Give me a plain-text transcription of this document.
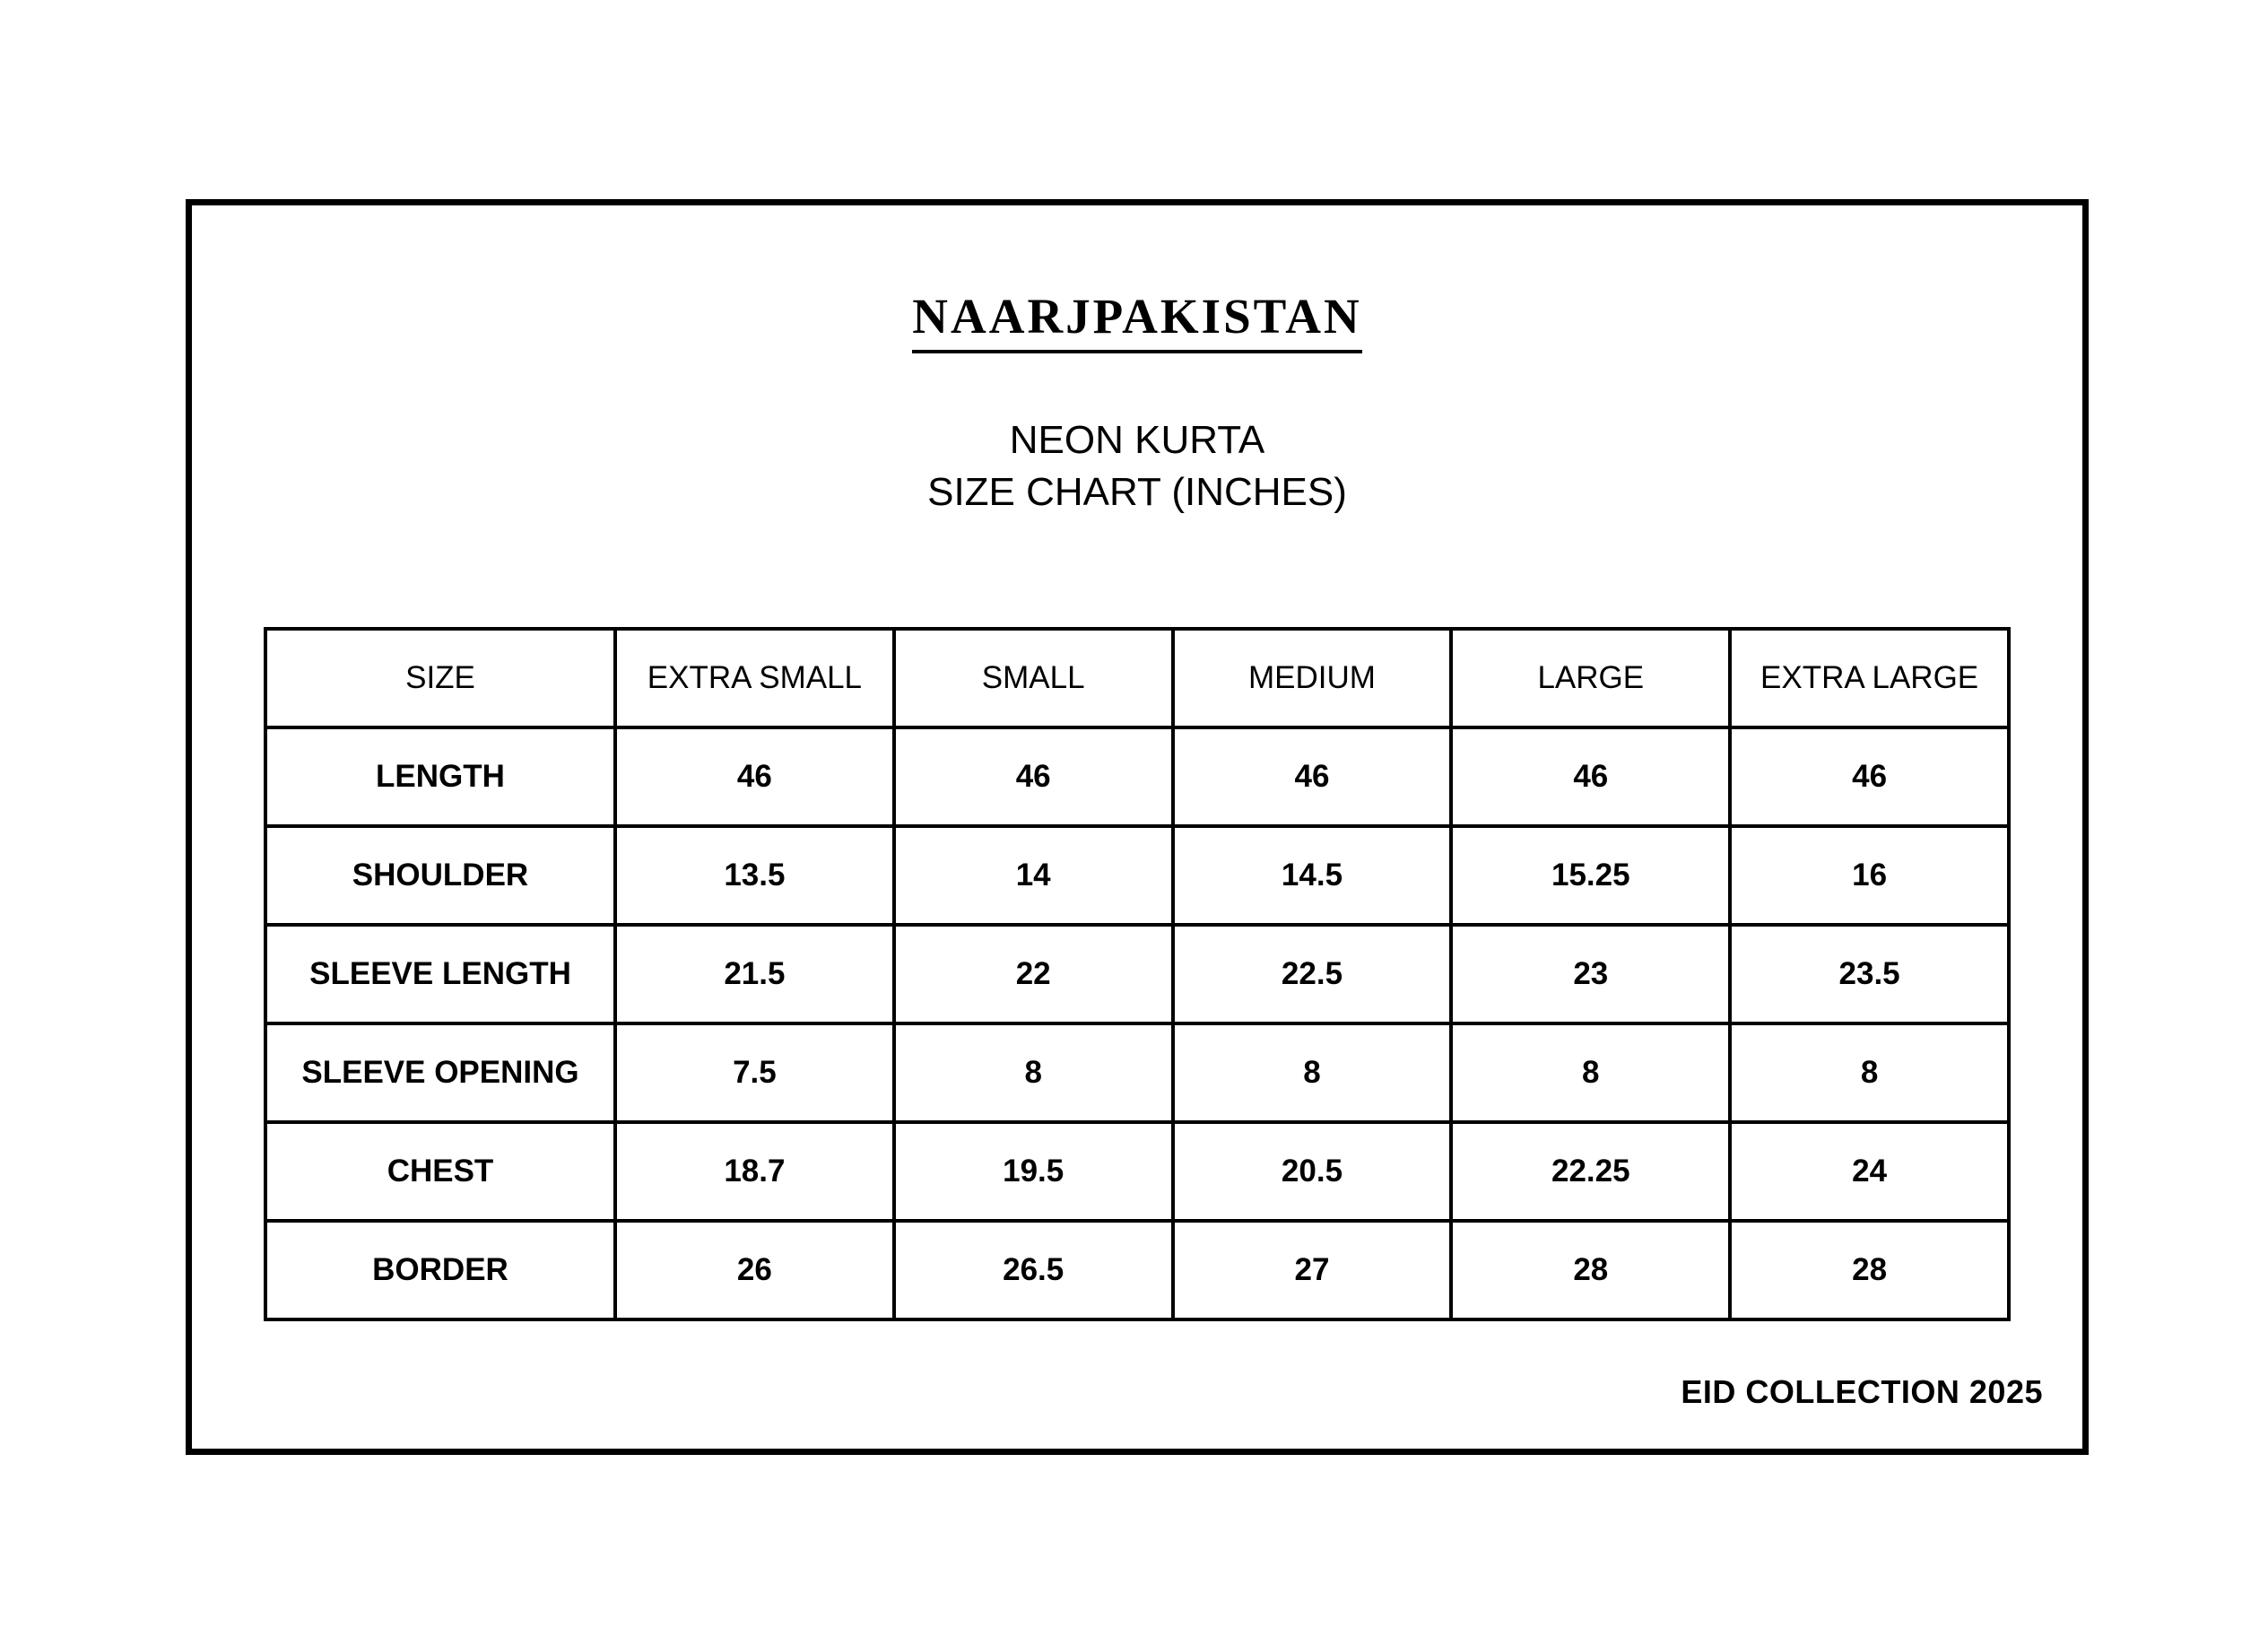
NAARJPAKISTAN
NEON KURTA
SIZE CHART (INCHES)
SIZE	EXTRA SMALL	SMALL	MEDIUM	LARGE	EXTRA LARGE
LENGTH	46	46	46	46	46
SHOULDER	13.5	14	14.5	15.25	16
SLEEVE LENGTH	21.5	22	22.5	23	23.5
SLEEVE OPENING	7.5	8	8	8	8
CHEST	18.7	19.5	20.5	22.25	24
BORDER	26	26.5	27	28	28
EID COLLECTION 2025
